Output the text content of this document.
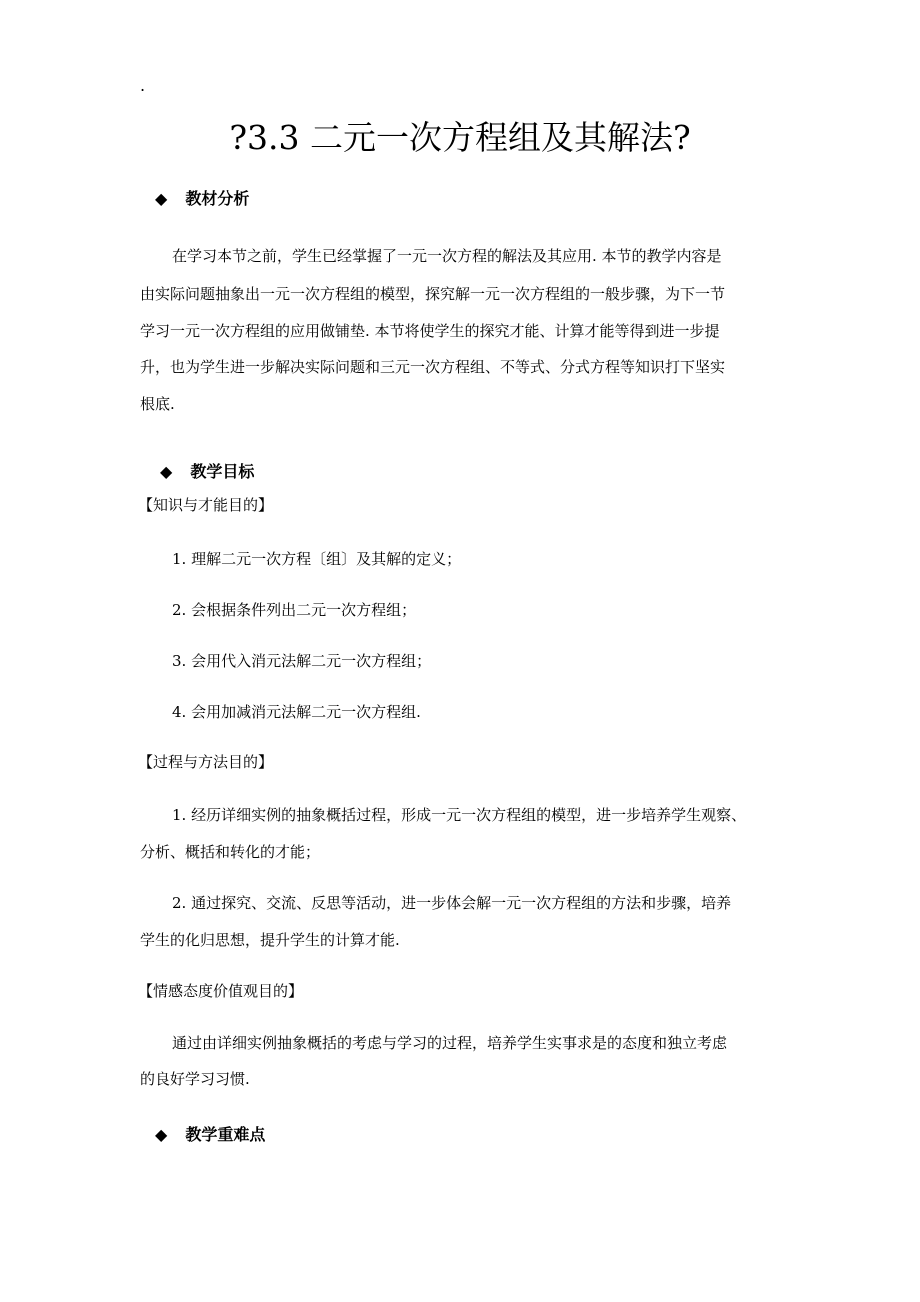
.
?3.3 二元一次方程组及其解法?
◆ 教材分析
在学习本节之前，学生已经掌握了一元一次方程的解法及其应用. 本节的教学内容是
由实际问题抽象出一元一次方程组的模型，探究解一元一次方程组的一般步骤，为下一节
学习一元一次方程组的应用做铺垫. 本节将使学生的探究才能、计算才能等得到进一步提
升，也为学生进一步解决实际问题和三元一次方程组、不等式、分式方程等知识打下坚实
根底.
◆ 教学目标
【知识与才能目的】
1. 理解二元一次方程〔组〕及其解的定义；
2. 会根据条件列出二元一次方程组；
3. 会用代入消元法解二元一次方程组；
4. 会用加减消元法解二元一次方程组.
【过程与方法目的】
1. 经历详细实例的抽象概括过程，形成一元一次方程组的模型，进一步培养学生观察、
分析、概括和转化的才能；
2. 通过探究、交流、反思等活动，进一步体会解一元一次方程组的方法和步骤，培养
学生的化归思想，提升学生的计算才能.
【情感态度价值观目的】
通过由详细实例抽象概括的考虑与学习的过程，培养学生实事求是的态度和独立考虑
的良好学习习惯.
◆ 教学重难点
